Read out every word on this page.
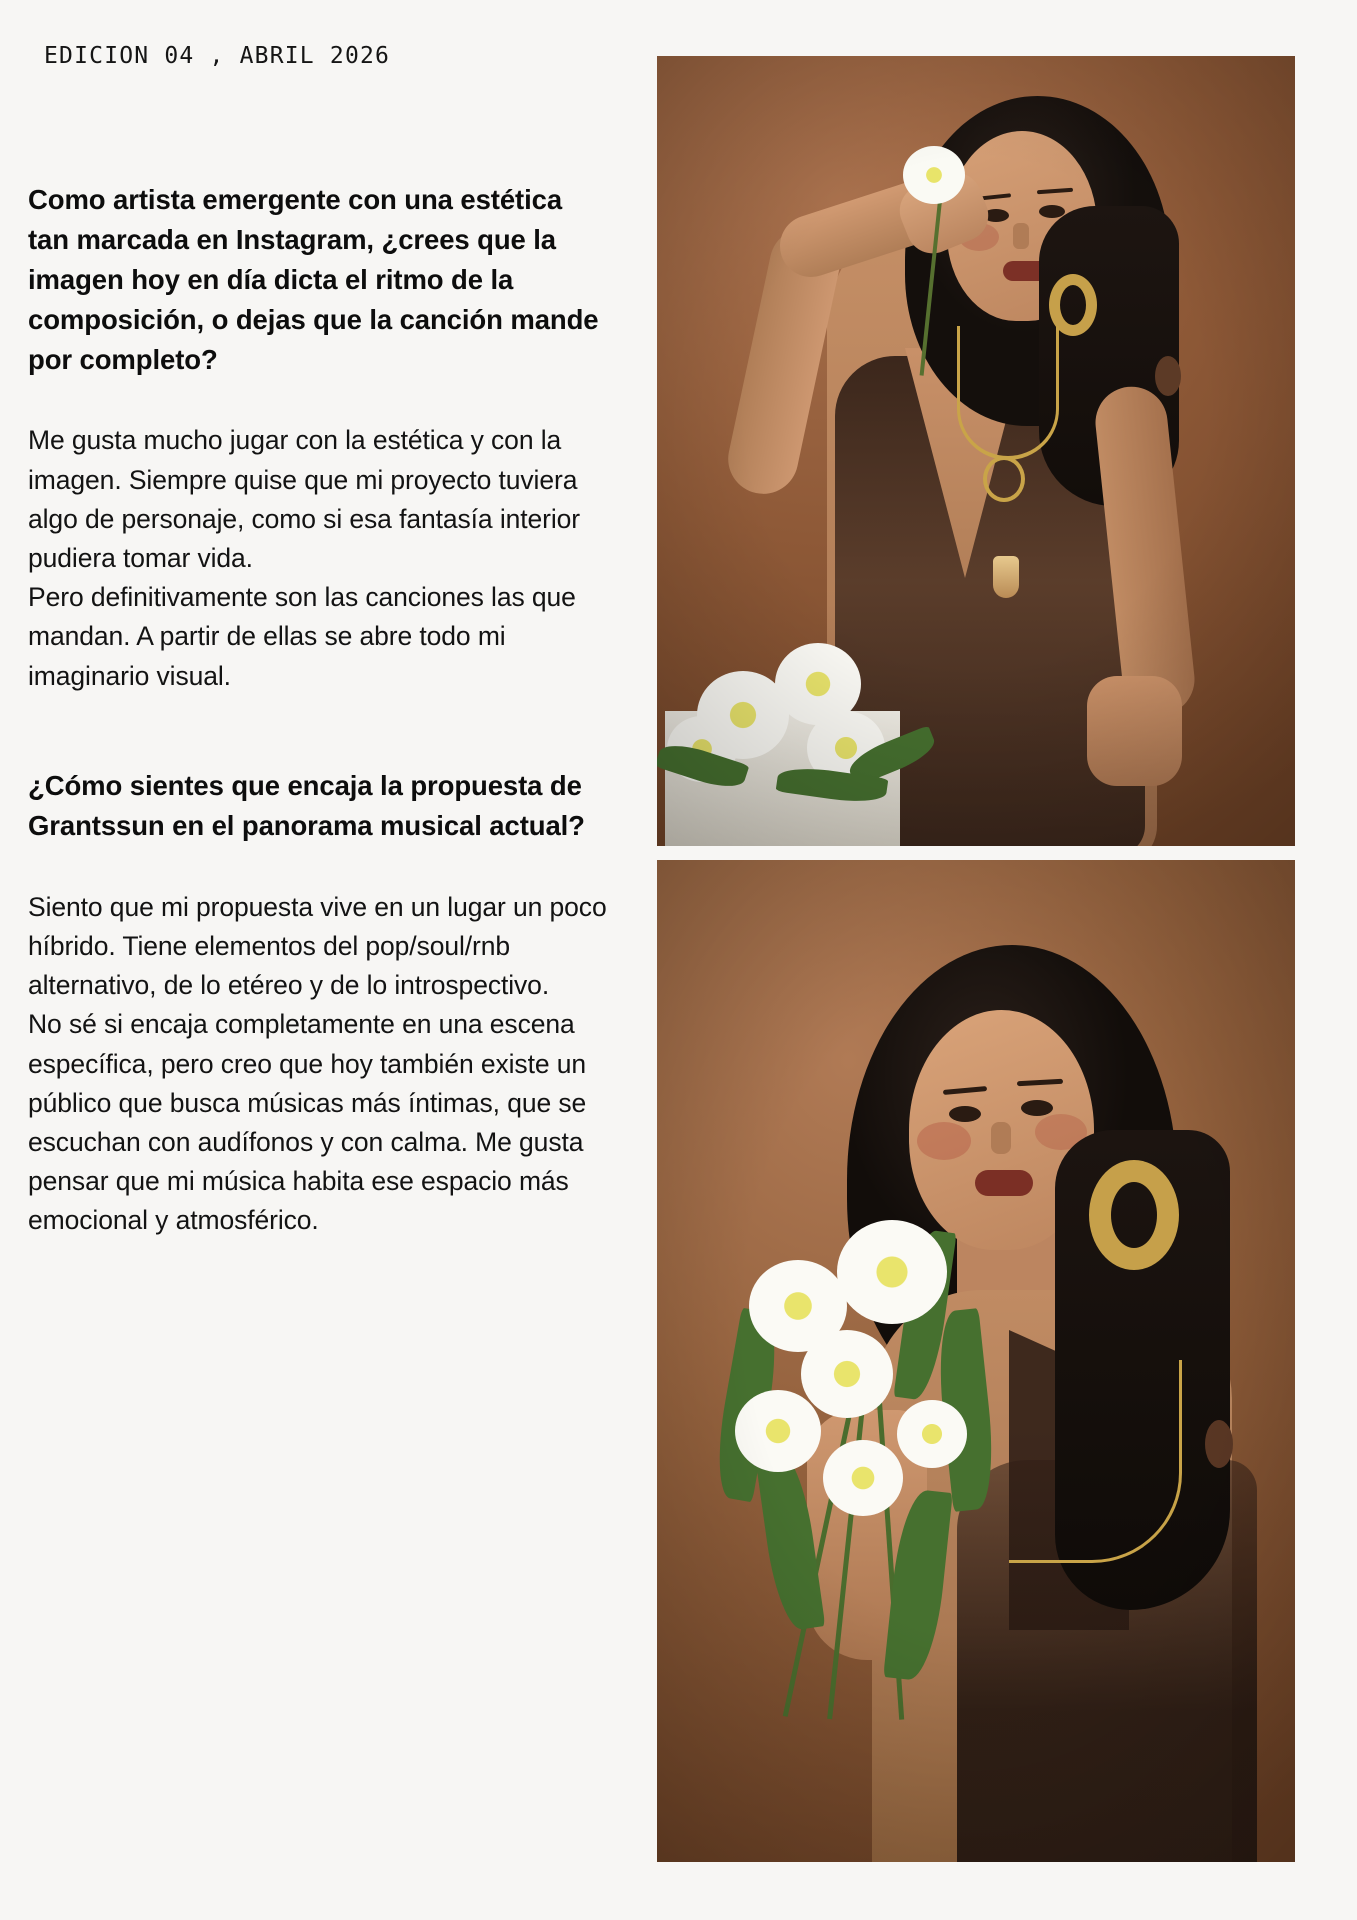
EDICION 04 , ABRIL 2026
Como artista emergente con una estética tan marcada en Instagram, ¿crees que la imagen hoy en día dicta el ritmo de la composición, o dejas que la canción mande por completo?
Me gusta mucho jugar con la estética y con la imagen. Siempre quise que mi proyecto tuviera algo de personaje, como si esa fantasía interior pudiera tomar vida.
Pero definitivamente son las canciones las que mandan. A partir de ellas se abre todo mi imaginario visual.
¿Cómo sientes que encaja la propuesta de Grantssun en el panorama musical actual?
Siento que mi propuesta vive en un lugar un poco híbrido. Tiene elementos del pop/soul/rnb alternativo, de lo etéreo y de lo introspectivo.
No sé si encaja completamente en una escena específica, pero creo que hoy también existe un público que busca músicas más íntimas, que se escuchan con audífonos y con calma. Me gusta pensar que mi música habita ese espacio más emocional y atmosférico.
